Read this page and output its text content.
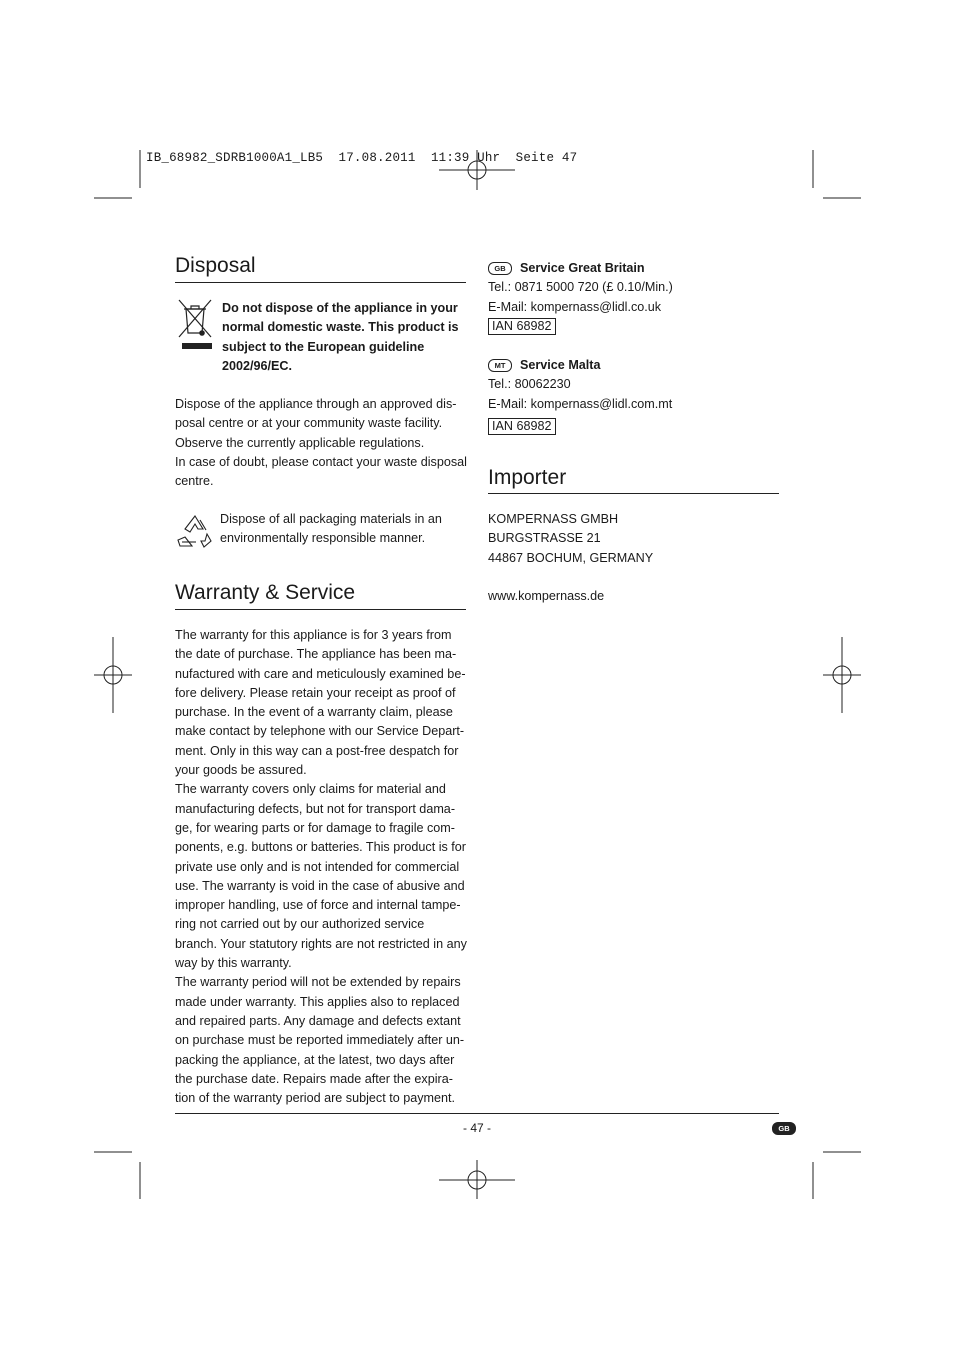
IB_68982_SDRB1000A1_LB5  17.08.2011  11:39 Uhr  Seite 47
Disposal
Do not dispose of the appliance in your
normal domestic waste. This product is
subject to the European guideline
2002/96/EC.
Dispose of the appliance through an approved dis-
posal centre or at your community waste facility.
Observe the currently applicable regulations.
In case of doubt, please contact your waste disposal
centre.
Dispose of all packaging materials in an
environmentally responsible manner.
Warranty & Service
The warranty for this appliance is for 3 years from
the date of purchase. The appliance has been ma-
nufactured with care and meticulously examined be-
fore delivery. Please retain your receipt as proof of
purchase. In the event of a warranty claim, please
make contact by telephone with our Service Depart-
ment. Only in this way can a post-free despatch for
your goods be assured.
The warranty covers only claims for material and
manufacturing defects, but not for transport dama-
ge, for wearing parts or for damage to fragile com-
ponents, e.g. buttons or batteries. This product is for
private use only and is not intended for commercial
use. The warranty is void in the case of abusive and
improper handling, use of force and internal tampe-
ring not carried out by our authorized service
branch. Your statutory rights are not restricted in any
way by this warranty.
The warranty period will not be extended by repairs
made under warranty. This applies also to replaced
and repaired parts. Any damage and defects extant
on purchase must be reported immediately after un-
packing the appliance, at the latest, two days after
the purchase date. Repairs made after the expira-
tion of the warranty period are subject to payment.
GB Service Great Britain
Tel.: 0871 5000 720 (£ 0.10/Min.)
E-Mail: kompernass@lidl.co.uk
IAN 68982
MT Service Malta
Tel.: 80062230
E-Mail: kompernass@lidl.com.mt
IAN 68982
Importer
KOMPERNASS GMBH
BURGSTRASSE 21
44867 BOCHUM, GERMANY
www.kompernass.de
- 47 -	GB
